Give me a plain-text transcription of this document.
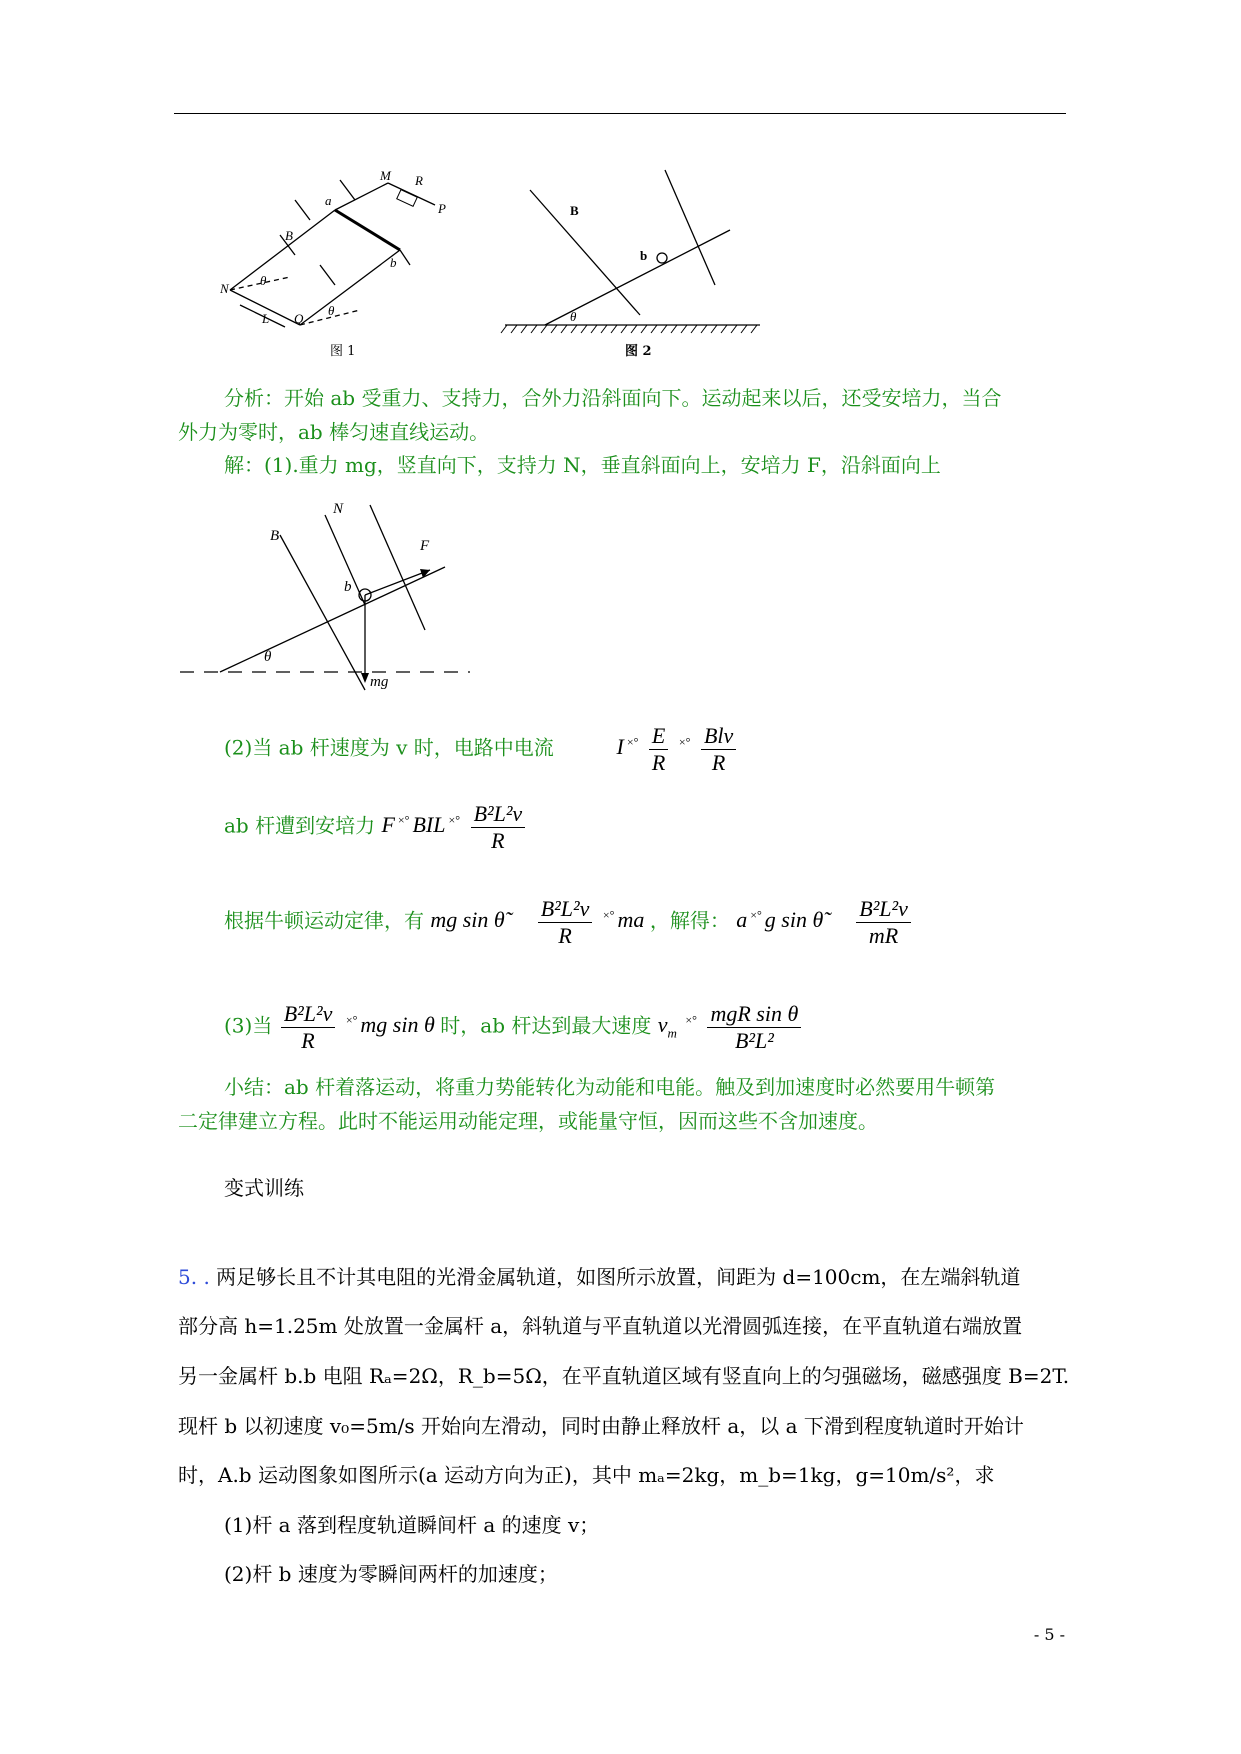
M R
P
a
B
b
N
θ
L Q
θ
图 1
B
b
θ
图 2
分析：开始 ab 受重力、支持力，合外力沿斜面向下。运动起来以后，还受安培力，当合
外力为零时，ab 棒匀速直线运动。
解：(1).重力 mg，竖直向下，支持力 N，垂直斜面向上，安培力 F，沿斜面向上
B
N
F
b
θ
mg
(2)当 ab 杆速度为 v 时，电路中电流	I $^{\times^\circ} \frac{E}{R} ^{\times^\circ} \frac{\text{Blv}}{R}$
ab 杆遭到安培力 F ×° BIL $^{\times^\circ} \frac{\text{B²L²v}}{R}$
根据牛顿运动定律，有 mg sin θ̃ $\frac{\text{B²L²v}}{R} ^{\times^\circ}$ ma ，解得： a ×° g sin θ̃ $\frac{\text{B²L²v}}{mR}$
(3)当 $\frac{\text{B²L²v}}{R} ^{\times^\circ}$ mg sin θ 时，ab 杆达到最大速度 $v_m$ $^{\times^\circ} \frac{\text{mgR sin θ}}{\text{B²L²}}$
小结：ab 杆着落运动，将重力势能转化为动能和电能。触及到加速度时必然要用牛顿第
二定律建立方程。此时不能运用动能定理，或能量守恒，因而这些不含加速度。
变式训练
5. . 两足够长且不计其电阻的光滑金属轨道，如图所示放置，间距为 d=100cm，在左端斜轨道
部分高 h=1.25m 处放置一金属杆 a，斜轨道与平直轨道以光滑圆弧连接，在平直轨道右端放置
另一金属杆 b.b 电阻 Rₐ=2Ω，R_b=5Ω，在平直轨道区域有竖直向上的匀强磁场，磁感强度 B=2T.
现杆 b 以初速度 v₀=5m/s 开始向左滑动，同时由静止释放杆 a，以 a 下滑到程度轨道时开始计
时，A.b 运动图象如图所示(a 运动方向为正)，其中 mₐ=2kg，m_b=1kg，g=10m/s²，求
(1)杆 a 落到程度轨道瞬间杆 a 的速度 v；
(2)杆 b 速度为零瞬间两杆的加速度；
- 5 -
